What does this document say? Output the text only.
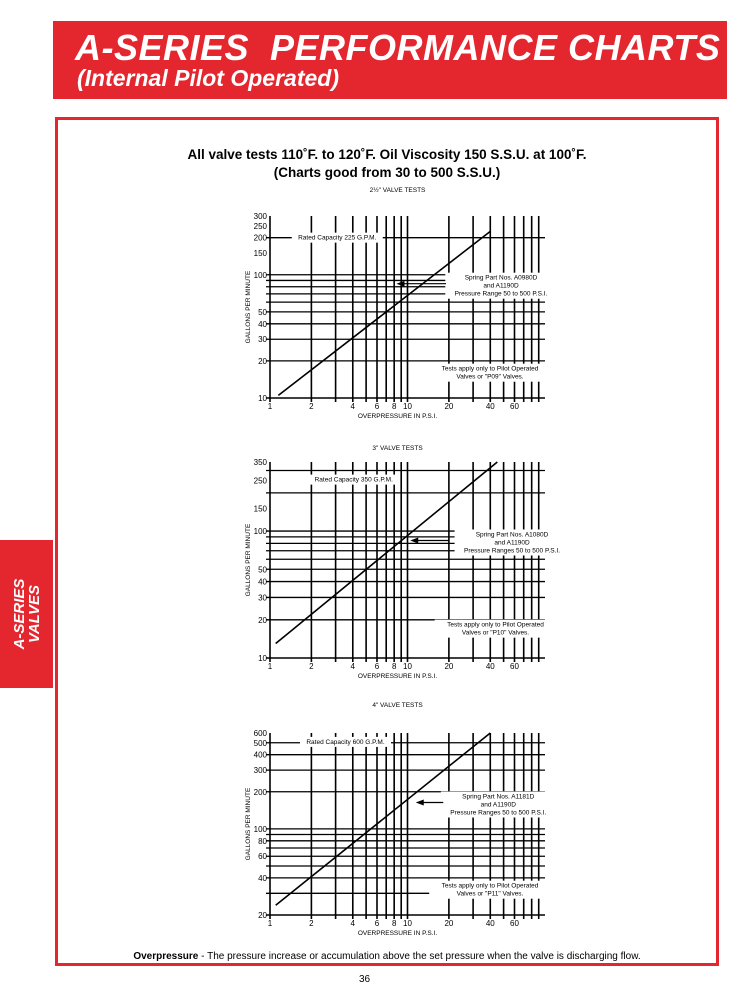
A-SERIES  PERFORMANCE CHARTS
(Internal Pilot Operated)
A-SERIES
VALVES
All valve tests 110˚F. to 120˚F. Oil Viscosity 150 S.S.U. at 100˚F.
(Charts good from 30 to 500 S.S.U.)
2½" VALVE TESTS
1	2	4 6 8 10	20	40 60
10
20
30
40
50
100
150
200
250
300
OVERPRESSURE IN P.S.I.
GALLONS PER MINUTE
Rated Capacity 225 G.P.M.
Spring Part Nos. A0980D
and A1190D
Pressure Range 50 to 500 P.S.I.
Tests apply only to Pilot Operated
Valves or "P09" Valves.
3" VALVE TESTS
1	2	4 6 8 10	20	40 60
10
20
30
40
50
100
150
250
350
OVERPRESSURE IN P.S.I.
GALLONS PER MINUTE
Rated Capacity 350 G.P.M.
Spring Part Nos. A1080D
and A1190D
Pressure Ranges 50 to 500 P.S.I.
Tests apply only to Pilot Operated
Valves or "P10" Valves.
4" VALVE TESTS
1	2	4 6 8 10	20	40 60
20
40
60
80
100
200
300
400
500
600
OVERPRESSURE IN P.S.I.
GALLONS PER MINUTE
Rated Capacity 600 G.P.M.
Spring Part Nos. A1181D
and A1190D
Pressure Ranges 50 to 500 P.S.I.
Tests apply only to Pilot Operated
Valves or "P11" Valves.
Overpressure - The pressure increase or accumulation above the set pressure when the valve is discharging flow.
36
